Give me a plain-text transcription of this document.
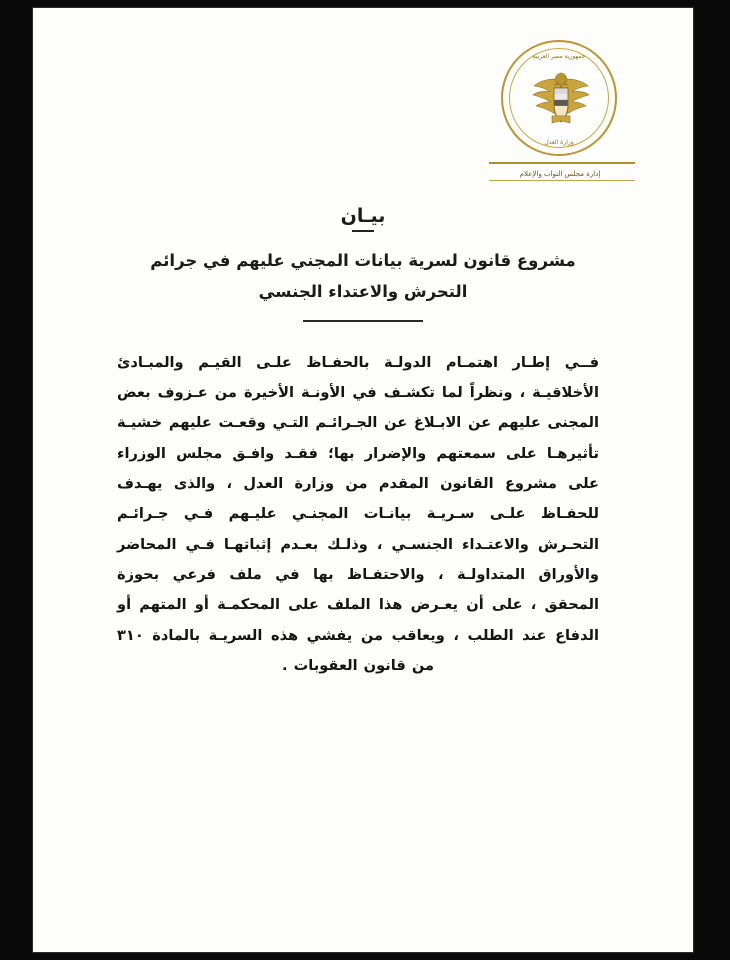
جمهورية مصر العربية
وزارة العدل
إدارة مجلس النواب والإعلام
بيـان
مشروع قانون لسرية بيانات المجني عليهم في جرائم
التحرش والاعتداء الجنسي

فــي إطـار اهتمـام الدولـﺔ بالحفـاظ علـى القيـم والمبـادئ الأخلاقيـﺔ ، ونظراً لما تكشـف في الأونـﺔ الأخيرة من عـزوف بعض المجنى عليهم عن الابـلاغ عن الجـرائـم التـي وقعـت عليهم خشيـﺔ تأثيرهـا على سمعتهم والإضرار بها؛ فقـد وافـق مجلس الوزراء على مشروع القانون المقدم من وزارة العدل ، والذى يهـدف للحفـاظ علـى سـريـﺔ بيانـات المجنـي عليـهم فـي جـرائـم التحـرش والاعتـداء الجنسـي ، وذلـك بعـدم إثباتهـا فـي المحاضر والأوراق المتداولـﺔ ، والاحتفـاظ بها في ملف فرعي بحوزة المحقق ، على أن يعـرض هذا الملف على المحكمـﺔ أو المتهم أو الدفاع عند الطلب ، ويعاقب من يفشي هذه السريـﺔ بالمادة ٣١٠ من قانون العقوبات .
